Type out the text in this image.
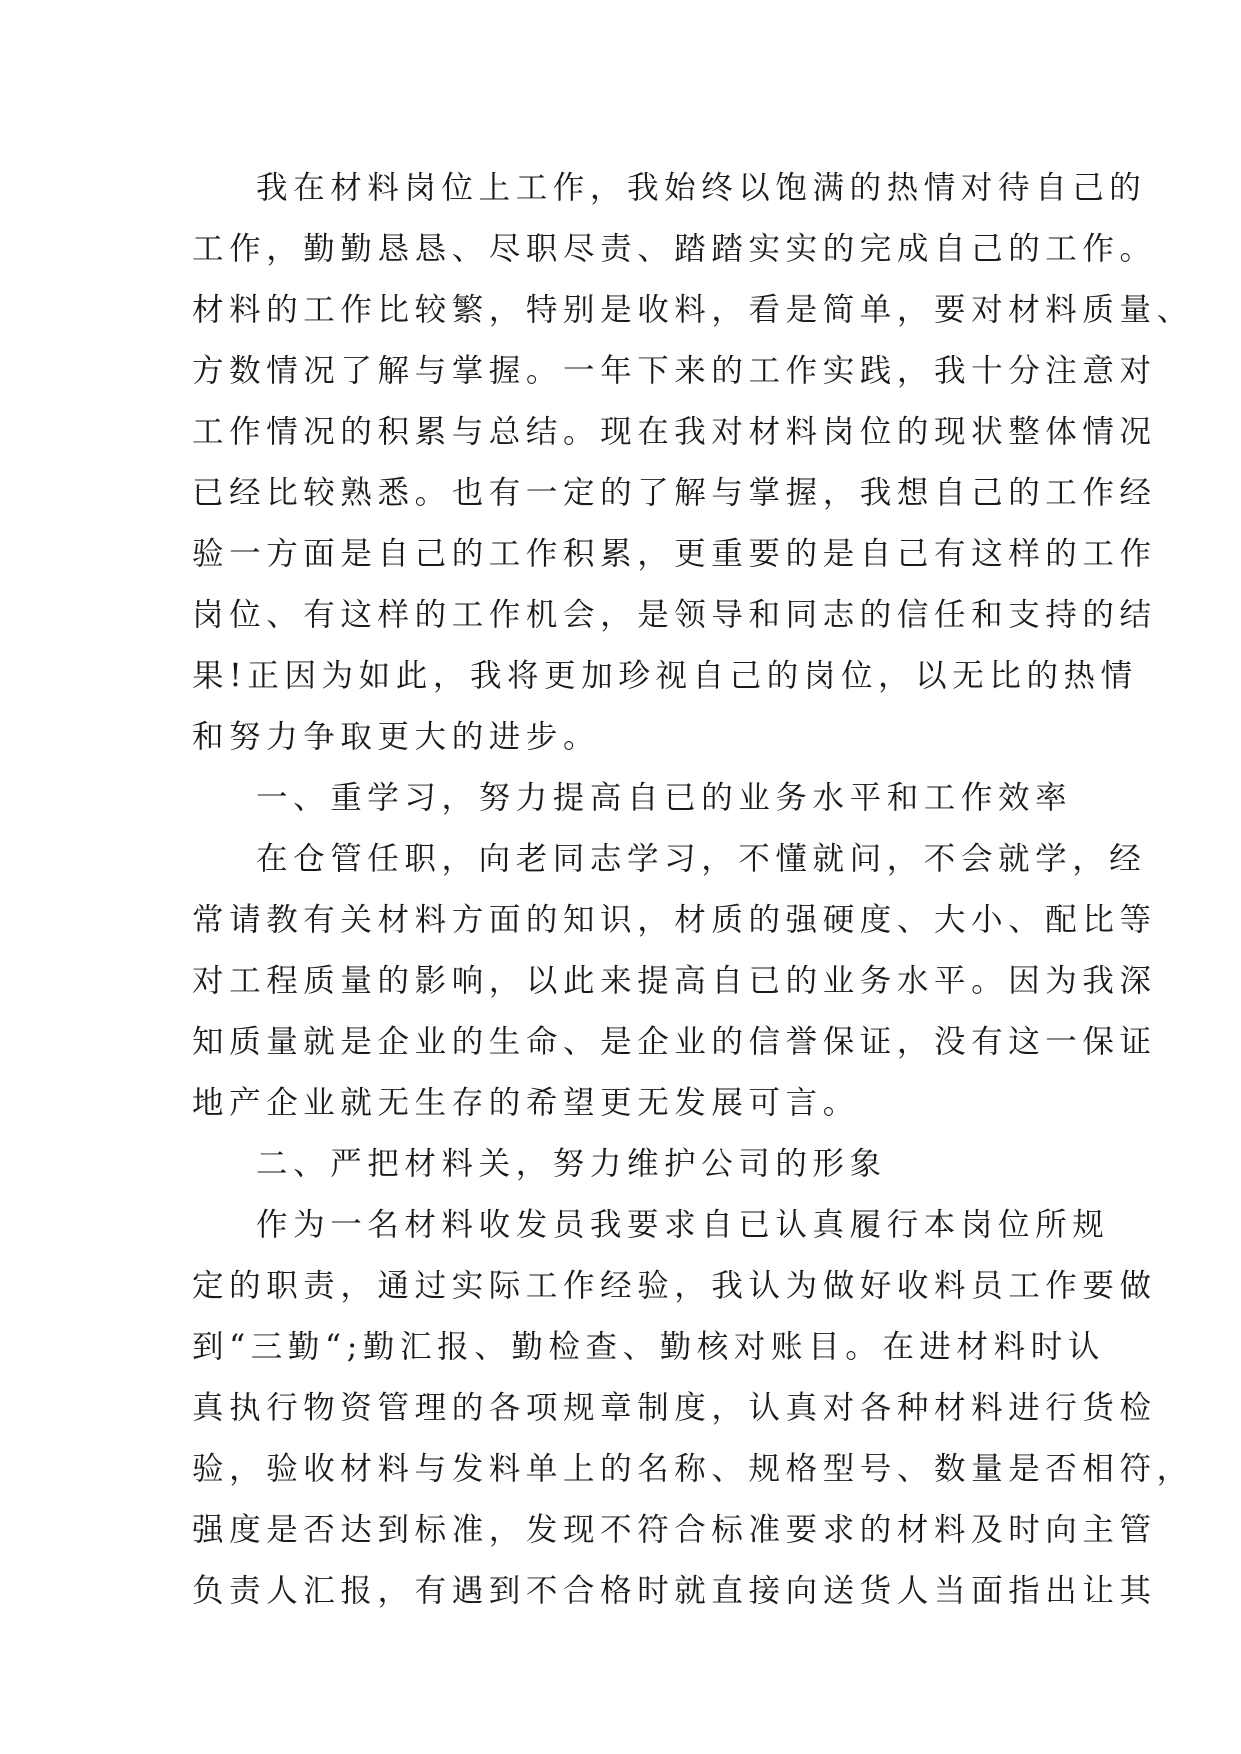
我在材料岗位上工作，我始终以饱满的热情对待自己的
工作，勤勤恳恳、尽职尽责、踏踏实实的完成自己的工作。
材料的工作比较繁，特别是收料，看是简单，要对材料质量、
方数情况了解与掌握。一年下来的工作实践，我十分注意对
工作情况的积累与总结。现在我对材料岗位的现状整体情况
已经比较熟悉。也有一定的了解与掌握，我想自己的工作经
验一方面是自己的工作积累，更重要的是自己有这样的工作
岗位、有这样的工作机会，是领导和同志的信任和支持的结
果!正因为如此，我将更加珍视自己的岗位，以无比的热情
和努力争取更大的进步。
一、重学习，努力提高自已的业务水平和工作效率
在仓管任职，向老同志学习，不懂就问，不会就学，经
常请教有关材料方面的知识，材质的强硬度、大小、配比等
对工程质量的影响，以此来提高自已的业务水平。因为我深
知质量就是企业的生命、是企业的信誉保证，没有这一保证
地产企业就无生存的希望更无发展可言。
二、严把材料关，努力维护公司的形象
作为一名材料收发员我要求自已认真履行本岗位所规
定的职责，通过实际工作经验，我认为做好收料员工作要做
到“三勤“;勤汇报、勤检查、勤核对账目。在进材料时认
真执行物资管理的各项规章制度，认真对各种材料进行货检
验，验收材料与发料单上的名称、规格型号、数量是否相符，
强度是否达到标准，发现不符合标准要求的材料及时向主管
负责人汇报，有遇到不合格时就直接向送货人当面指出让其
